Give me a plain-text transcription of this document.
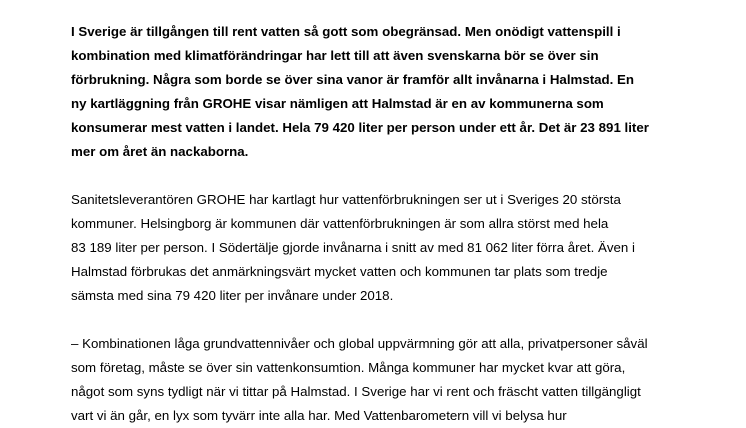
I Sverige är tillgången till rent vatten så gott som obegränsad. Men onödigt vattenspill i
kombination med klimatförändringar har lett till att även svenskarna bör se över sin
förbrukning. Några som borde se över sina vanor är framför allt invånarna i Halmstad. En
ny kartläggning från GROHE visar nämligen att Halmstad är en av kommunerna som
konsumerar mest vatten i landet. Hela 79 420 liter per person under ett år. Det är 23 891 liter
mer om året än nackaborna.
Sanitetsleverantören GROHE har kartlagt hur vattenförbrukningen ser ut i Sveriges 20 största
kommuner. Helsingborg är kommunen där vattenförbrukningen är som allra störst med hela
83 189 liter per person. I Södertälje gjorde invånarna i snitt av med 81 062 liter förra året. Även i
Halmstad förbrukas det anmärkningsvärt mycket vatten och kommunen tar plats som tredje
sämsta med sina 79 420 liter per invånare under 2018.
– Kombinationen låga grundvattennivåer och global uppvärmning gör att alla, privatpersoner såväl
som företag, måste se över sin vattenkonsumtion. Många kommuner har mycket kvar att göra,
något som syns tydligt när vi tittar på Halmstad. I Sverige har vi rent och fräscht vatten tillgängligt
vart vi än går, en lyx som tyvärr inte alla har. Med Vattenbarometern vill vi belysa hur
